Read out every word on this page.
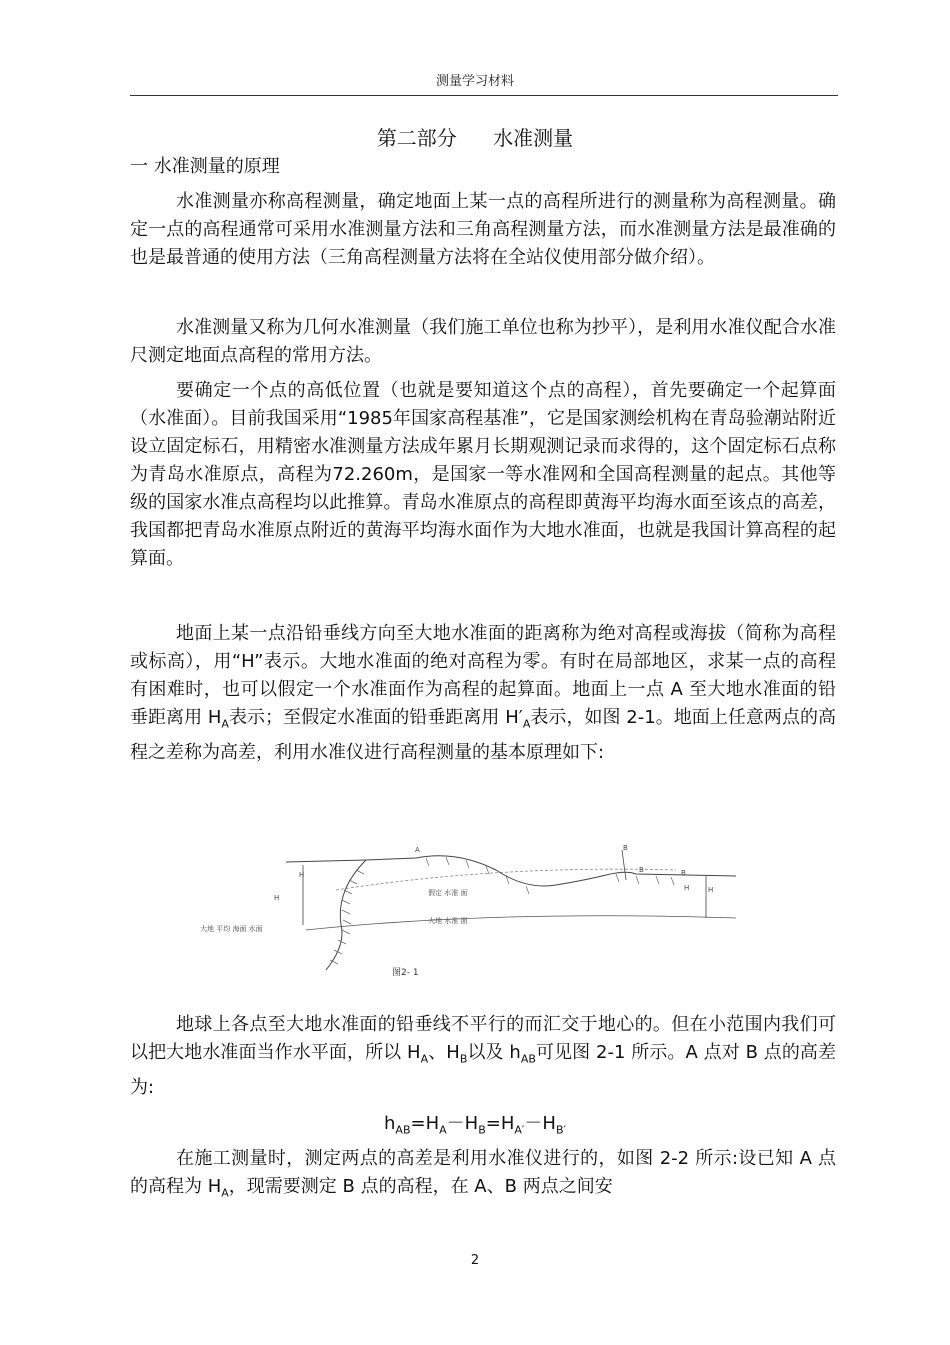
测量学习材料
第二部分 水准测量
一 水准测量的原理
水准测量亦称高程测量，确定地面上某一点的高程所进行的测量称为高程测量。确定一点的高程通常可采用水准测量方法和三角高程测量方法，而水准测量方法是最准确的也是最普通的使用方法（三角高程测量方法将在全站仪使用部分做介绍）。
水准测量又称为几何水准测量（我们施工单位也称为抄平），是利用水准仪配合水准尺测定地面点高程的常用方法。
要确定一个点的高低位置（也就是要知道这个点的高程），首先要确定一个起算面（水准面）。目前我国采用“1985年国家高程基准”，它是国家测绘机构在青岛验潮站附近设立固定标石，用精密水准测量方法成年累月长期观测记录而求得的，这个固定标石点称为青岛水准原点，高程为72.260m，是国家一等水准网和全国高程测量的起点。其他等级的国家水准点高程均以此推算。青岛水准原点的高程即黄海平均海水面至该点的高差，我国都把青岛水准原点附近的黄海平均海水面作为大地水准面，也就是我国计算高程的起算面。
地面上某一点沿铅垂线方向至大地水准面的距离称为绝对高程或海拔（简称为高程或标高），用“H”表示。大地水准面的绝对高程为零。有时在局部地区，求某一点的高程有困难时，也可以假定一个水准面作为高程的起算面。地面上一点 A 至大地水准面的铅垂距离用 $H_A$表示；至假定水准面的铅垂距离用 $H'_A$表示，如图 2-1。地面上任意两点的高程之差称为高差，利用水准仪进行高程测量的基本原理如下:
A	B
B	B
H
H
H	H
假定 水准 面
大地 水准 面
大地 平均 海面 水面
图2- 1
地球上各点至大地水准面的铅垂线不平行的而汇交于地心的。但在小范围内我们可以把大地水准面当作水平面，所以 $H_A$、$H_B$以及 $h_{AB}$可见图 2-1 所示。A 点对 B 点的高差为:
$h_{AB}=H_A-H_B=H_{A'}-H_{B'}$
在施工测量时，测定两点的高差是利用水准仪进行的，如图 2-2 所示:设已知 A 点的高程为 $H_A$，现需要测定 B 点的高程，在 A、B 两点之间安
2
